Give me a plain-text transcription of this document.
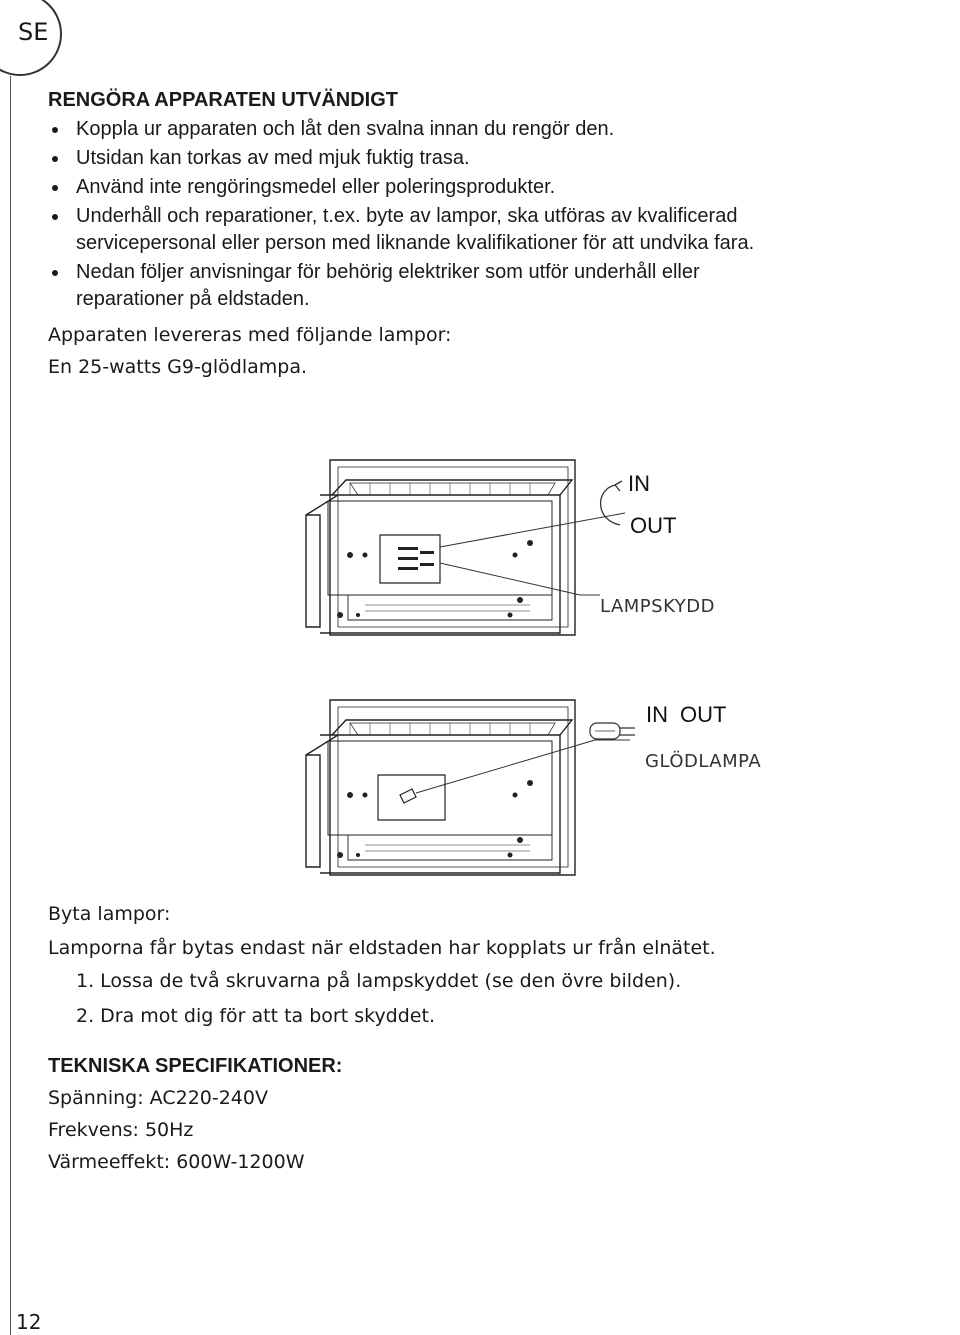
SE
RENGÖRA APPARATEN UTVÄNDIGT
Koppla ur apparaten och låt den svalna innan du rengör den.
Utsidan kan torkas av med mjuk fuktig trasa.
Använd inte rengöringsmedel eller poleringsprodukter.
Underhåll och reparationer, t.ex. byte av lampor, ska utföras av kvalificerad
servicepersonal eller person med liknande kvalifikationer för att undvika fara.
Nedan följer anvisningar för behörig elektriker som utför underhåll eller
reparationer på eldstaden.

Apparaten levereras med följande lampor:

En 25-watts G9-glödlampa.

IN
OUT
LAMPSKYDD
IN OUT
GLÖDLAMPA

Byta lampor:

Lamporna får bytas endast när eldstaden har kopplats ur från elnätet.

1. Lossa de två skruvarna på lampskyddet (se den övre bilden).
2. Dra mot dig för att ta bort skyddet.
TEKNISKA SPECIFIKATIONER:

Spänning: AC220-240V

Frekvens: 50Hz

Värmeeffekt: 600W-1200W

12
